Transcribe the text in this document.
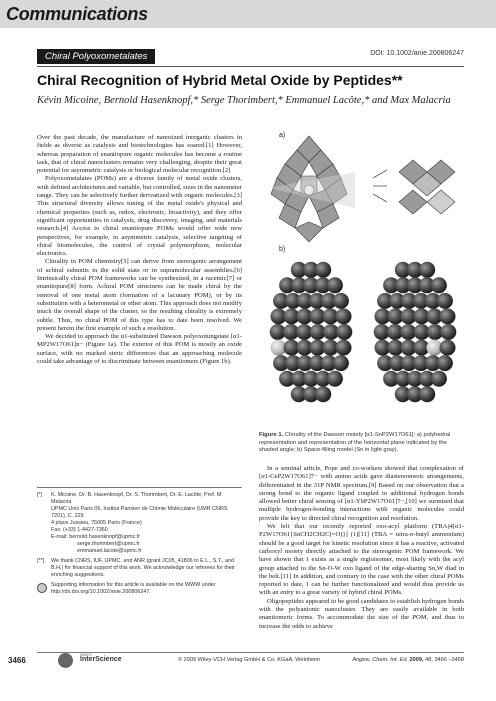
Communications
Chiral Polyoxometalates	DOI: 10.1002/anie.200806247
Chiral Recognition of Hybrid Metal Oxide by Peptides**
Kévin Micoine, Bernold Hasenknopf,* Serge Thorimbert,* Emmanuel Lacôte,* and Max Malacria

Over the past decade, the manufacture of nanosized inorganic clusters in fields as diverse as catalysis and biotechnologies has soared.[1] However, whereas preparation of enantiopure organic molecules has become a routine task, that of chiral nanoclusters remains very challenging, despite their great potential for asymmetric catalysis or biological molecular recognition.[2]

Polyoxometalates (POMs) are a diverse family of metal oxide clusters, with defined architectures and variable, but controlled, sizes in the nanometer range. They can be selectively further derivatized with organic molecules.[3] This structural diversity allows tuning of the metal oxide's physical and chemical properties (such as, redox, electronic, bioactivity), and they offer significant opportunities in catalysis, drug discovery, imaging, and materials research.[4] Access to chiral enantiopure POMs would offer wide new perspectives, for example, in asymmetric catalysis, selective targeting of chiral biomolecules, the control of crystal polymorphism, molecular electronics.

Chirality in POM chemistry[5] can derive from stereogenic arrangement of achiral subunits in the solid state or in supramolecular assemblies.[6] Intrinsically chiral POM frameworks can be synthesized, in a racemic[7] or enantiopure[8] form. Achiral POM structures can be made chiral by the removal of one metal atom (formation of a lacunary POM), or by its substitution with a heterometal or other atom. This approach does not modify much the overall shape of the cluster, so the resulting chirality is extremely subtle. Thus, no chiral POM of this type has to date been resolved. We present herein the first example of such a resolution.

We decided to approach the α1-substituted Dawson polyoxotungstate [α1-MP2W17O61]n− (Figure 1a). The exterior of this POM is mostly an oxide surface, with no marked steric differences that an approaching molecule could take advantage of to discriminate between enantiomers (Figure 1b).

a)
b)
Figure 1. Chirality of the Dawson moiety [α1-SnP2W17O61]: a) polyhedral representation and representation of the horizontal plane indicated by the shaded angle; b) Space-filling model (Sn in light gray).

In a seminal article, Pope and co-workers showed that complexation of [α1-CeP2W17O61]7− with amino acids gave diastereomeric arrangements, differentiated in the 31P NMR spectrum.[9] Based on our observation that a strong bond to the organic ligand coupled to additional hydrogen bonds allowed better chiral sensing of [α1-YbP2W17O61]7−,[10] we surmised that multiple hydrogen-bonding interactions with organic molecules could provide the key to directed chiral recognition and resolution.

We felt that our recently reported oxo-acyl platform (TBA)4[α1-P2W17O61{SnCH2CH2C(=O)}] (1)[11] (TBA = tetra-n-butyl ammonium) should be a good target for kinetic resolution since it has a reactive, activated carboxyl moiety directly attached to the stereogenic POM framework. We have shown that 1 exists as a single regioisomer, most likely with the acyl group attached to the Sn-O-W oxo ligand of the edge-sharing Sn,W diad in the belt.[11] In addition, and contrary to the case with the other chiral POMs reported to date, 1 can be further functionalized and would thus provide us with an entry to a great variety of hybrid chiral POMs.

Oligopeptides appeared to be good candidates to establish hydrogen bonds with the polyanionic nanocluster. They are easily available in both enantiomeric forms. To accommodate the size of the POM, and thus to increase the odds to achieve

[*] K. Micoine, Dr. B. Hasenknopf, Dr. S. Thorimbert, Dr. E. Lacôte, Prof. M. Malacria
UPMC Univ Paris 06, Institut Parisien de Chimie Moléculaire (UMR CNRS 7201), C. 229
4 place Jussieu, 75005 Paris (France)
Fax: (+33) 1-4427-7360
E-mail: bernold.hasenknopf@upmc.fr
serge.thorimbert@upmc.fr
emmanuel.lacote@upmc.fr
[**] We thank CNRS, IUF, UPMC, and ANR (grant JC05_41806 to E.L., S.T., and B.H.) for financial support of this work. We acknowledge our referees for their enriching suggestions.
Supporting information for this article is available on the WWW under http://dx.doi.org/10.1002/anie.200806247.
3466
WILEY
InterScience	© 2009 Wiley-VCH Verlag GmbH & Co. KGaA, Weinheim	Angew. Chem. Int. Ed. 2009, 48, 3466 –3468
